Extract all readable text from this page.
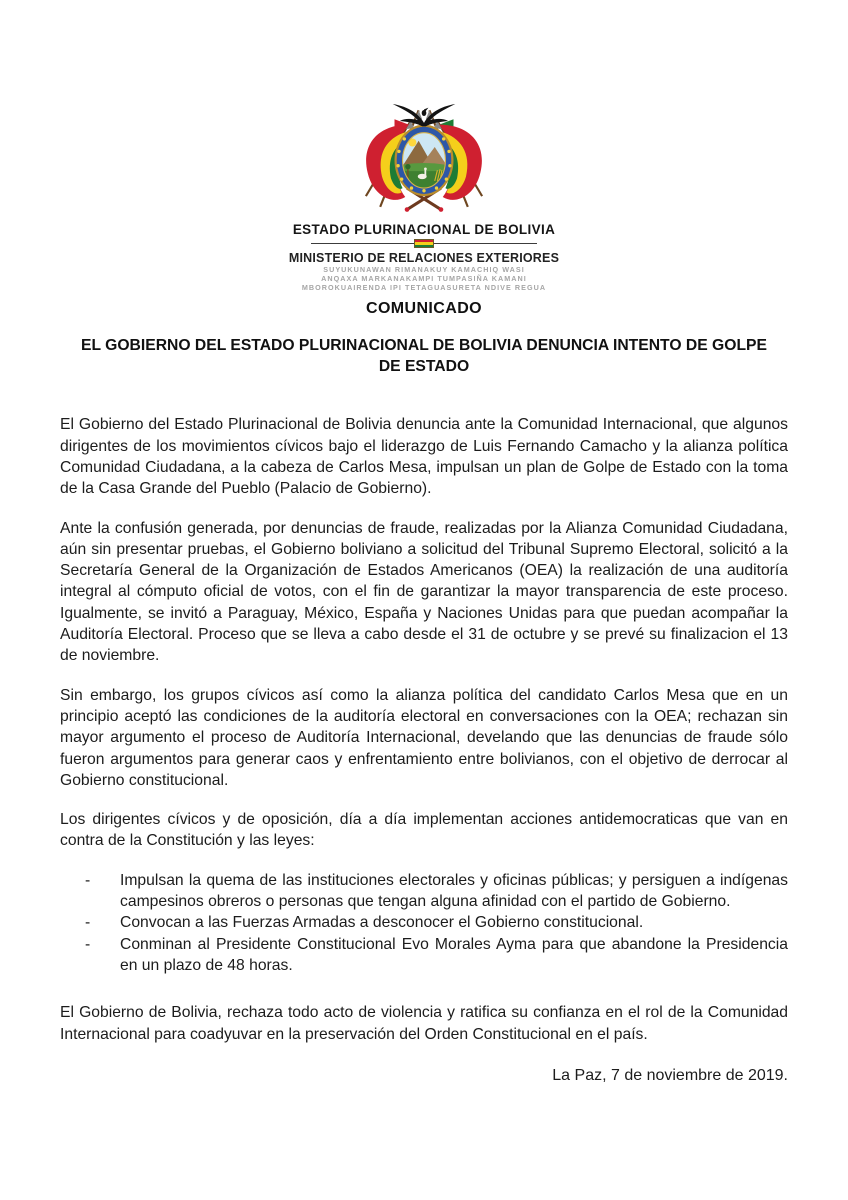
ESTADO PLURINACIONAL DE BOLIVIA
MINISTERIO DE RELACIONES EXTERIORES
SUYUKUNAWAN RIMANAKUY KAMACHIQ WASI
ANQAXA MARKANAKAMPI TUMPASIÑA KAMANI
MBOROKUAIRENDA IPI TETAGUASURETA NDIVE REGUA
COMUNICADO
EL GOBIERNO DEL ESTADO PLURINACIONAL DE BOLIVIA DENUNCIA INTENTO DE GOLPE DE ESTADO

El Gobierno del Estado Plurinacional de Bolivia denuncia ante la Comunidad Internacional, que algunos dirigentes de los movimientos cívicos bajo el liderazgo de Luis Fernando Camacho y la alianza política Comunidad Ciudadana, a la cabeza de Carlos Mesa, impulsan un plan de Golpe de Estado con la toma de la Casa Grande del Pueblo (Palacio de Gobierno).

Ante la confusión generada, por denuncias de fraude, realizadas por la Alianza Comunidad Ciudadana, aún sin presentar pruebas, el Gobierno boliviano a solicitud del Tribunal Supremo Electoral, solicitó a la Secretaría General de la Organización de Estados Americanos (OEA) la realización de una auditoría integral al cómputo oficial de votos, con el fin de garantizar la mayor transparencia de este proceso. Igualmente, se invitó a Paraguay, México, España y Naciones Unidas para que puedan acompañar la Auditoría Electoral. Proceso que se lleva a cabo desde el 31 de octubre y se prevé su finalizacion el 13 de noviembre.

Sin embargo, los grupos cívicos así como la alianza política del candidato Carlos Mesa que en un principio aceptó las condiciones de la auditoría electoral en conversaciones con la OEA; rechazan sin mayor argumento el proceso de Auditoría Internacional, develando que las denuncias de fraude sólo fueron argumentos para generar caos y enfrentamiento entre bolivianos, con el objetivo de derrocar al Gobierno constitucional.

Los dirigentes cívicos y de oposición, día a día implementan acciones antidemocraticas que van en contra de la Constitución y las leyes:

-	Impulsan la quema de las instituciones electorales y oficinas públicas; y persiguen a indígenas campesinos obreros o personas que tengan alguna afinidad con el partido de Gobierno.
-	Convocan a las Fuerzas Armadas a desconocer el Gobierno constitucional.
-	Conminan al Presidente Constitucional Evo Morales Ayma para que abandone la Presidencia en un plazo de 48 horas.

El Gobierno de Bolivia, rechaza todo acto de violencia y ratifica su confianza en el rol de la Comunidad Internacional para coadyuvar en la preservación del Orden Constitucional en el país.

La Paz, 7 de noviembre de 2019.
